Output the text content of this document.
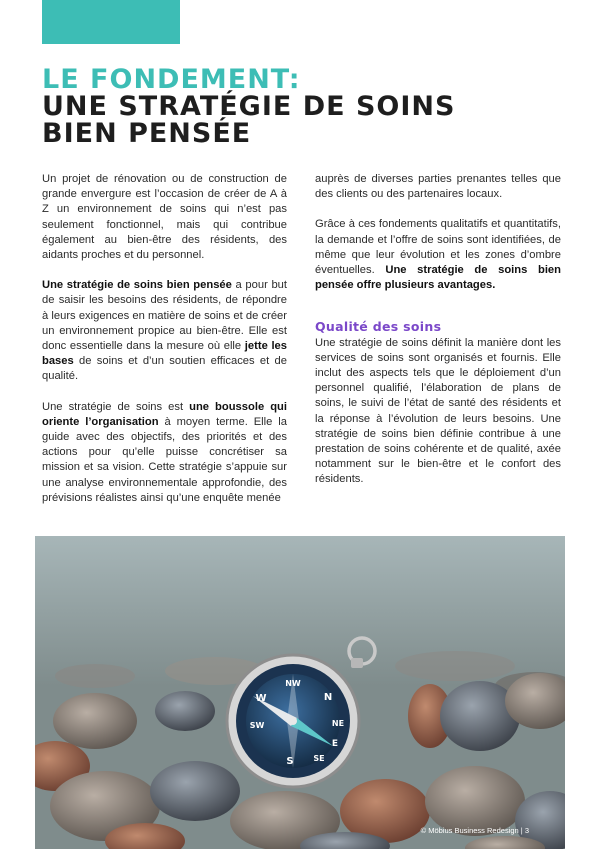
LE FONDEMENT:
UNE STRATÉGIE DE SOINS
BIEN PENSÉE

Un projet de rénovation ou de construction de grande envergure est l’occasion de créer de A à Z un environnement de soins qui n’est pas seulement fonctionnel, mais qui contribue également au bien-être des résidents, des aidants proches et du personnel.

Une stratégie de soins bien pensée a pour but de saisir les besoins des résidents, de répondre à leurs exigences en matière de soins et de créer un environnement propice au bien-être. Elle est donc essentielle dans la mesure où elle jette les bases de soins et d’un soutien efficaces et de qualité.

Une stratégie de soins est une boussole qui oriente l’organisation à moyen terme. Elle la guide avec des objectifs, des priorités et des actions pour qu’elle puisse concrétiser sa mission et sa vision. Cette stratégie s’appuie sur une analyse environnementale approfondie, des prévisions réalistes ainsi qu’une enquête menée

auprès de diverses parties prenantes telles que des clients ou des partenaires locaux.

Grâce à ces fondements qualitatifs et quantitatifs, la demande et l’offre de soins sont identifiées, de même que leur évolution et les zones d’ombre éventuelles. Une stratégie de soins bien pensée offre plusieurs avantages.

Qualité des soins

Une stratégie de soins définit la manière dont les services de soins sont organisés et fournis. Elle inclut des aspects tels que le déploiement d’un personnel qualifié, l’élaboration de plans de soins, le suivi de l’état de santé des résidents et la réponse à l’évolution de leurs besoins. Une stratégie de soins bien définie contribue à une prestation de soins cohérente et de qualité, axée notamment sur le bien-être et le confort des résidents.

NW
N
NE
W
E
SW
S SE
© Möbius Business Redesign | 3
